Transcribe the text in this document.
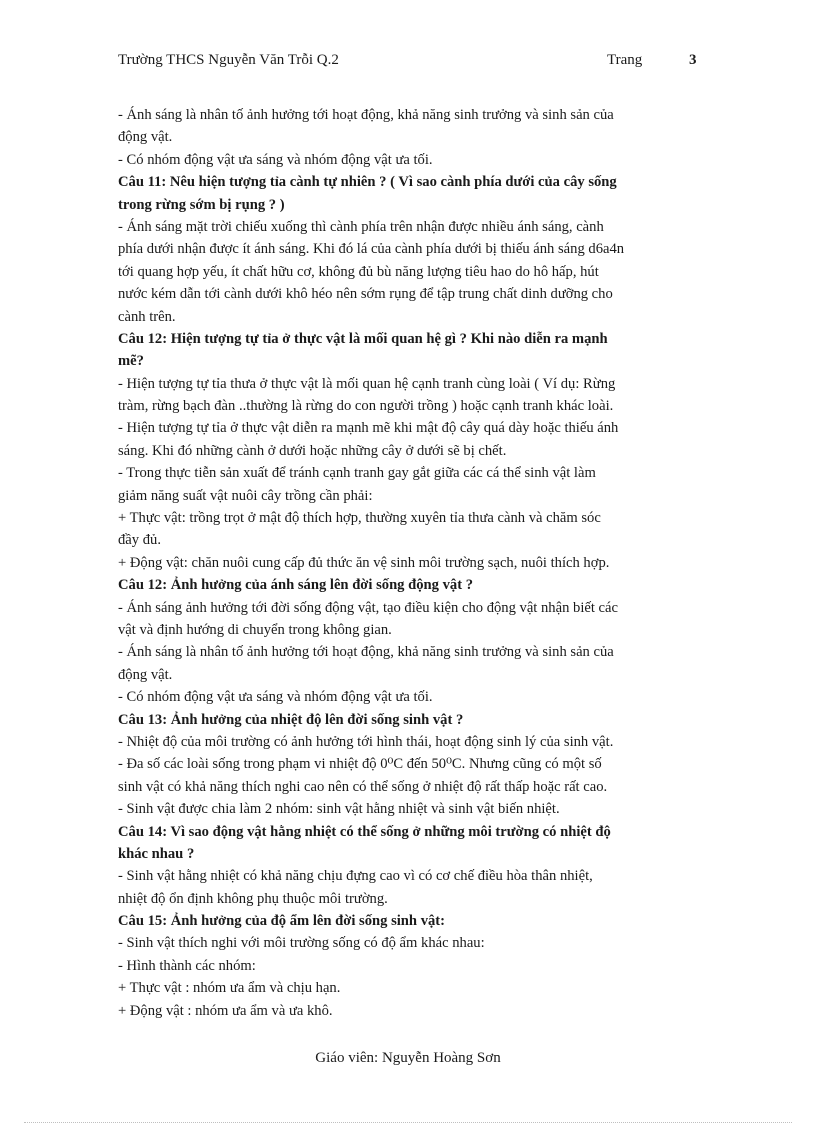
Trường THCS Nguyễn Văn Trỗi Q.2	Trang	3
- Ánh sáng là nhân tố ảnh hưởng tới hoạt động, khả năng sinh trưởng và sinh sản của
động vật.
- Có nhóm động vật ưa sáng và nhóm động vật ưa tối.
Câu 11: Nêu hiện tượng tỉa cành tự nhiên ? ( Vì sao cành phía dưới của cây sống
trong rừng sớm bị rụng ? )
- Ánh sáng mặt trời chiếu xuống thì cành phía trên nhận được nhiều ánh sáng, cành
phía dưới nhận được ít ánh sáng. Khi đó lá của cành phía dưới bị thiếu ánh sáng d6a4n
tới quang hợp yếu, ít chất hữu cơ, không đủ bù năng lượng tiêu hao do hô hấp, hút
nước kém dẫn tới cành dưới khô héo nên sớm rụng để tập trung chất dinh dưỡng cho
cành trên.
Câu 12: Hiện tượng tự tỉa ở thực vật là mối quan hệ gì ? Khi nào diễn ra mạnh
mẽ?
- Hiện tượng tự tỉa thưa ở thực vật là mối quan hệ cạnh tranh cùng loài ( Ví dụ: Rừng
tràm, rừng bạch đàn ..thường là rừng do con người trồng ) hoặc cạnh tranh khác loài.
- Hiện tượng tự tỉa ở thực vật diễn ra mạnh mẽ khi mật độ cây quá dày hoặc thiếu ánh
sáng. Khi đó những cành ở dưới hoặc những cây ở dưới sẽ bị chết.
- Trong thực tiễn sản xuất để tránh cạnh tranh gay gắt giữa các cá thể sinh vật làm
giảm năng suất vật nuôi cây trồng cần phải:
+ Thực vật: trồng trọt ở mật độ thích hợp, thường xuyên tỉa thưa cành và chăm sóc
đầy đủ.
+ Động vật: chăn nuôi cung cấp đủ thức ăn vệ sinh môi trường sạch, nuôi thích hợp.
Câu 12: Ảnh hưởng của ánh sáng lên đời sống động vật ?
- Ánh sáng ảnh hưởng tới đời sống động vật, tạo điều kiện cho động vật nhận biết các
vật và định hướng di chuyển trong không gian.
- Ánh sáng là nhân tố ảnh hưởng tới hoạt động, khả năng sinh trưởng và sinh sản của
động vật.
- Có nhóm động vật ưa sáng và nhóm động vật ưa tối.
Câu 13: Ảnh hưởng của nhiệt độ lên đời sống sinh vật ?
- Nhiệt độ của môi trường có ảnh hưởng tới hình thái, hoạt động sinh lý của sinh vật.
- Đa số các loài sống trong phạm vi nhiệt độ 0⁰C đến 50⁰C. Nhưng cũng có một số
sinh vật có khả năng thích nghi cao nên có thể sống ở nhiệt độ rất thấp hoặc rất cao.
- Sinh vật được chia làm 2 nhóm: sinh vật hằng nhiệt và sinh vật biến nhiệt.
Câu 14: Vì sao động vật hằng nhiệt có thể sống ở những môi trường có nhiệt độ
khác nhau ?
- Sinh vật hằng nhiệt có khả năng chịu đựng cao vì có cơ chế điều hòa thân nhiệt,
nhiệt độ ổn định không phụ thuộc môi trường.
Câu 15: Ảnh hưởng của độ ẩm lên đời sống sinh vật:
- Sinh vật thích nghi với môi trường sống có độ ẩm khác nhau:
- Hình thành các nhóm:
+ Thực vật : nhóm ưa ẩm và chịu hạn.
+ Động vật : nhóm ưa ẩm và ưa khô.
Giáo viên: Nguyễn Hoàng Sơn
